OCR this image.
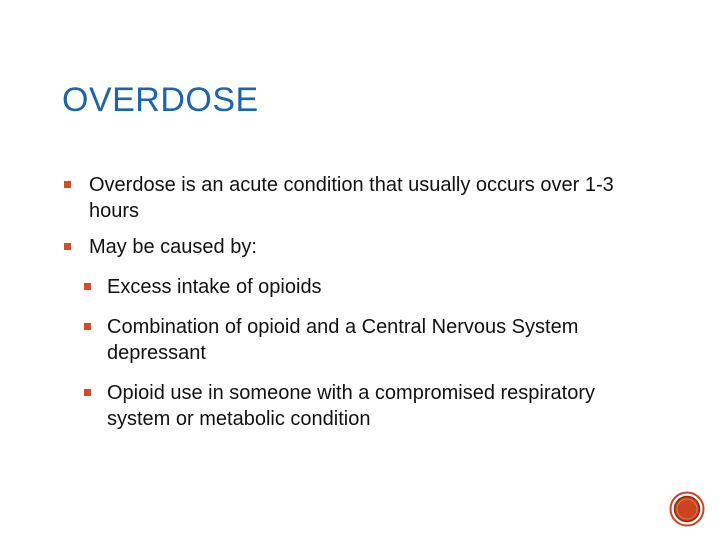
OVERDOSE
Overdose is an acute condition that usually occurs over 1-3 hours
May be caused by:
Excess intake of opioids
Combination of opioid and a Central Nervous System depressant
Opioid use in someone with a compromised respiratory system or metabolic condition
